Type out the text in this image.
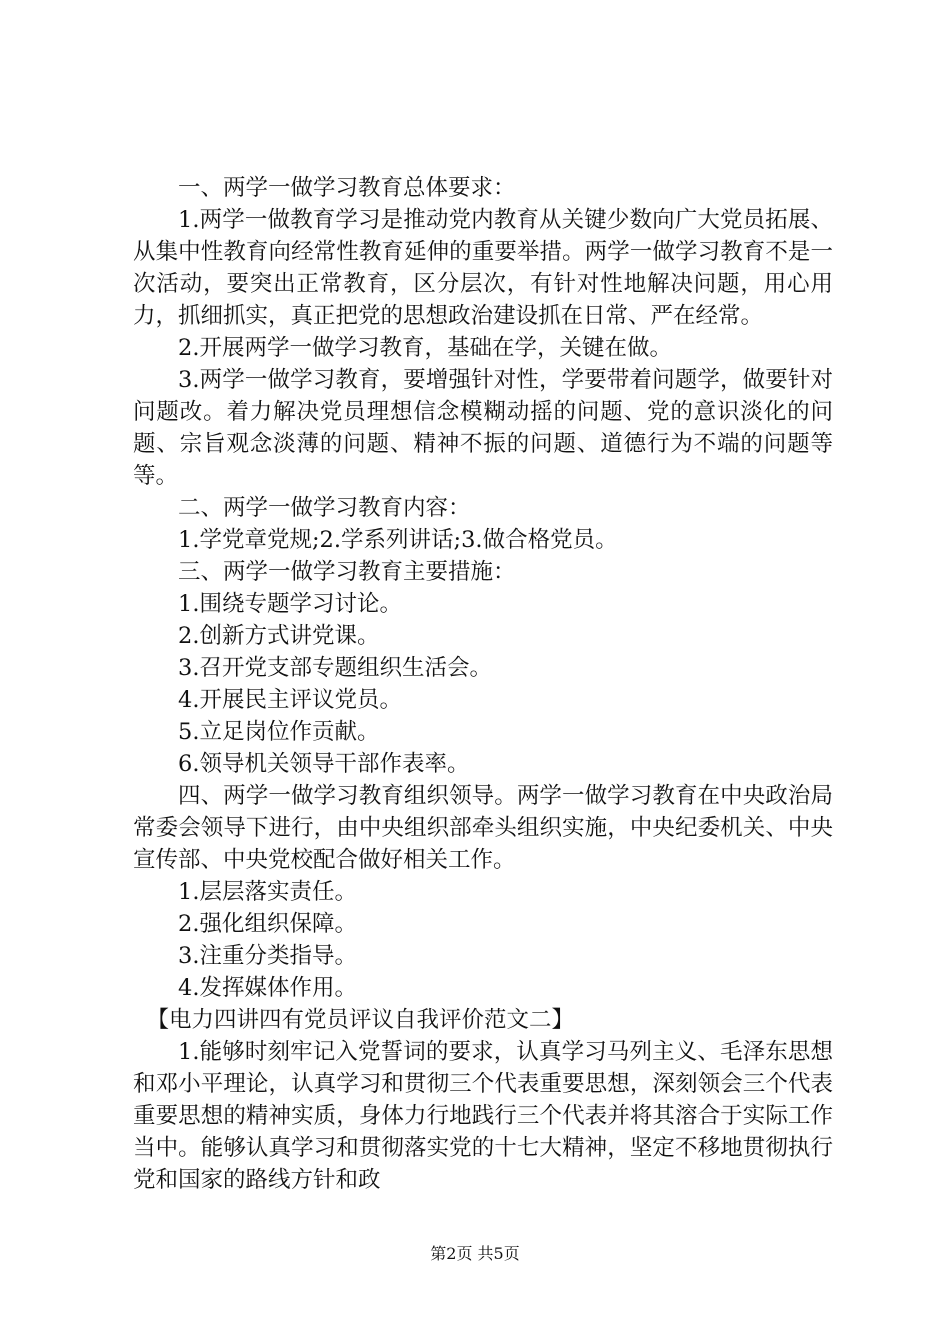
一、两学一做学习教育总体要求：

1.两学一做教育学习是推动党内教育从关键少数向广大党员拓展、从集中性教育向经常性教育延伸的重要举措。两学一做学习教育不是一次活动，要突出正常教育，区分层次，有针对性地解决问题，用心用力，抓细抓实，真正把党的思想政治建设抓在日常、严在经常。

2.开展两学一做学习教育，基础在学，关键在做。

3.两学一做学习教育，要增强针对性，学要带着问题学，做要针对问题改。着力解决党员理想信念模糊动摇的问题、党的意识淡化的问题、宗旨观念淡薄的问题、精神不振的问题、道德行为不端的问题等等。

二、两学一做学习教育内容：

1.学党章党规;2.学系列讲话;3.做合格党员。

三、两学一做学习教育主要措施：

1.围绕专题学习讨论。

2.创新方式讲党课。

3.召开党支部专题组织生活会。

4.开展民主评议党员。

5.立足岗位作贡献。

6.领导机关领导干部作表率。

四、两学一做学习教育组织领导。两学一做学习教育在中央政治局常委会领导下进行，由中央组织部牵头组织实施，中央纪委机关、中央宣传部、中央党校配合做好相关工作。

1.层层落实责任。

2.强化组织保障。

3.注重分类指导。

4.发挥媒体作用。

【电力四讲四有党员评议自我评价范文二】

1.能够时刻牢记入党誓词的要求，认真学习马列主义、毛泽东思想和邓小平理论，认真学习和贯彻三个代表重要思想，深刻领会三个代表重要思想的精神实质，身体力行地践行三个代表并将其溶合于实际工作当中。能够认真学习和贯彻落实党的十七大精神，坚定不移地贯彻执行党和国家的路线方针和政

第2页 共5页
